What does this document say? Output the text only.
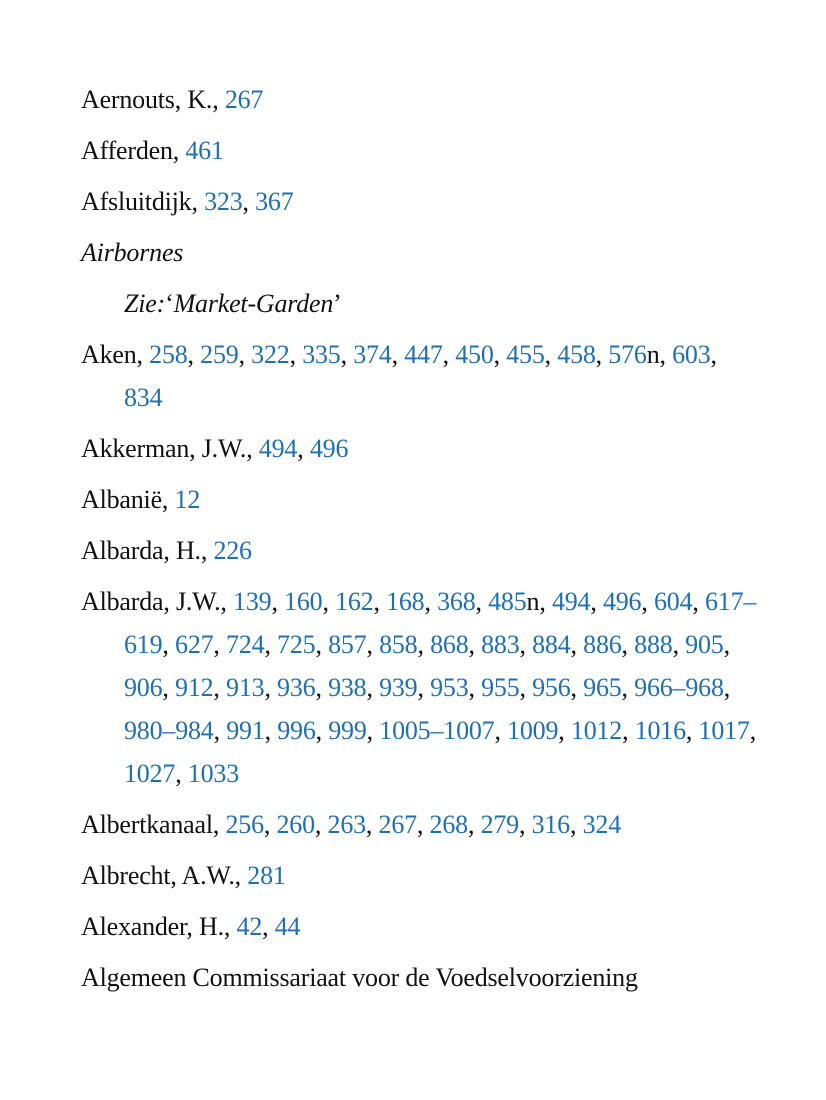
Aernouts, K., 267

Afferden, 461

Afsluitdijk, 323, 367

Airbornes

Zie:‘Market-Garden’

Aken, 258, 259, 322, 335, 374, 447, 450, 455, 458, 576n, 603, 834

Akkerman, J.W., 494, 496

Albanië, 12

Albarda, H., 226

Albarda, J.W., 139, 160, 162, 168, 368, 485n, 494, 496, 604, 617–619, 627, 724, 725, 857, 858, 868, 883, 884, 886, 888, 905, 906, 912, 913, 936, 938, 939, 953, 955, 956, 965, 966–968, 980–984, 991, 996, 999, 1005–1007, 1009, 1012, 1016, 1017, 1027, 1033

Albertkanaal, 256, 260, 263, 267, 268, 279, 316, 324

Albrecht, A.W., 281

Alexander, H., 42, 44

Algemeen Commissariaat voor de Voedselvoorziening
